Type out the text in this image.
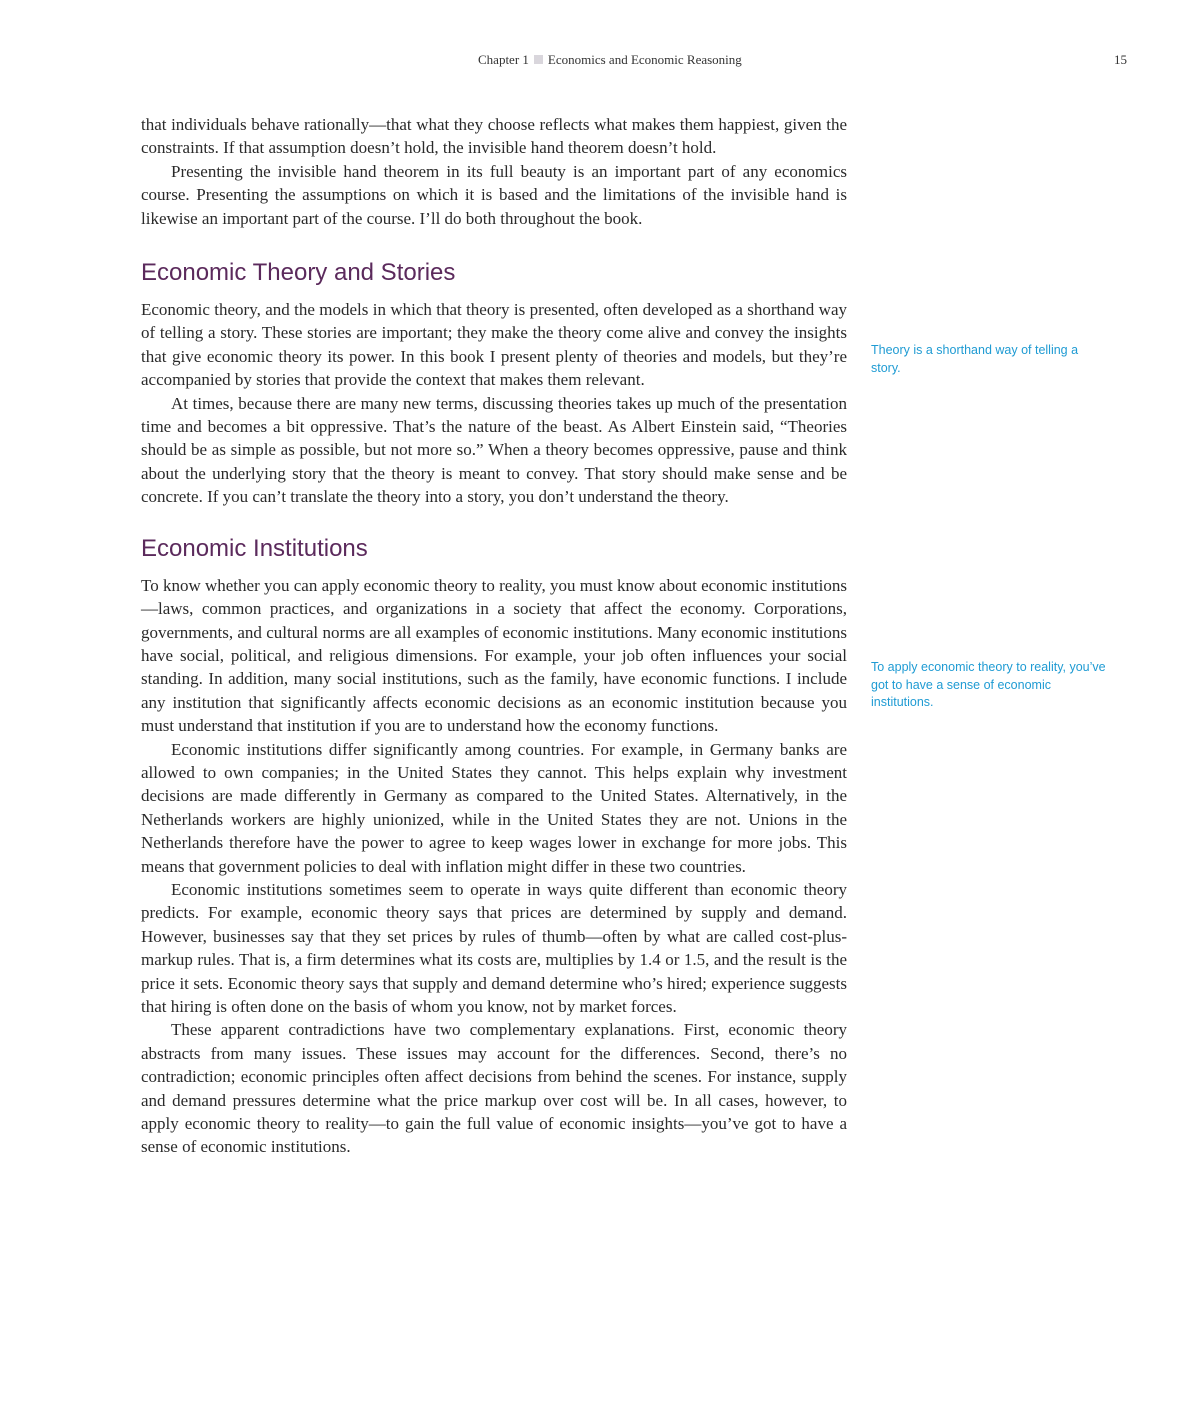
Chapter 1 Economics and Economic Reasoning	15

that individuals behave rationally—that what they choose reflects what makes them happiest, given the constraints. If that assumption doesn’t hold, the invisible hand theorem doesn’t hold.

Presenting the invisible hand theorem in its full beauty is an important part of any economics course. Presenting the assumptions on which it is based and the limitations of the invisible hand is likewise an important part of the course. I’ll do both throughout the book.

Economic Theory and Stories

Economic theory, and the models in which that theory is presented, often developed as a shorthand way of telling a story. These stories are important; they make the theory come alive and convey the insights that give economic theory its power. In this book I present plenty of theories and models, but they’re accompanied by stories that provide the context that makes them relevant.

At times, because there are many new terms, discussing theories takes up much of the presentation time and becomes a bit oppressive. That’s the nature of the beast. As Albert Einstein said, “Theories should be as simple as possible, but not more so.” When a theory becomes oppressive, pause and think about the underlying story that the theory is meant to convey. That story should make sense and be concrete. If you can’t translate the theory into a story, you don’t understand the theory.

Economic Institutions

To know whether you can apply economic theory to reality, you must know about economic institutions—laws, common practices, and organizations in a society that affect the economy. Corporations, governments, and cultural norms are all examples of economic institutions. Many economic institutions have social, political, and religious dimensions. For example, your job often influences your social standing. In addition, many social institutions, such as the family, have economic functions. I include any institution that significantly affects economic decisions as an economic institution because you must understand that institution if you are to understand how the economy functions.

Economic institutions differ significantly among countries. For example, in Germany banks are allowed to own companies; in the United States they cannot. This helps explain why investment decisions are made differently in Germany as compared to the United States. Alternatively, in the Netherlands workers are highly unionized, while in the United States they are not. Unions in the Netherlands therefore have the power to agree to keep wages lower in exchange for more jobs. This means that government policies to deal with inflation might differ in these two countries.

Economic institutions sometimes seem to operate in ways quite different than economic theory predicts. For example, economic theory says that prices are determined by supply and demand. However, businesses say that they set prices by rules of thumb—often by what are called cost-plus-markup rules. That is, a firm determines what its costs are, multiplies by 1.4 or 1.5, and the result is the price it sets. Economic theory says that supply and demand determine who’s hired; experience suggests that hiring is often done on the basis of whom you know, not by market forces.

These apparent contradictions have two complementary explanations. First, economic theory abstracts from many issues. These issues may account for the differences. Second, there’s no contradiction; economic principles often affect decisions from behind the scenes. For instance, supply and demand pressures determine what the price markup over cost will be. In all cases, however, to apply economic theory to reality—to gain the full value of economic insights—you’ve got to have a sense of economic institutions.

Theory is a shorthand way of telling a story.
To apply economic theory to reality, you’ve got to have a sense of economic institutions.
